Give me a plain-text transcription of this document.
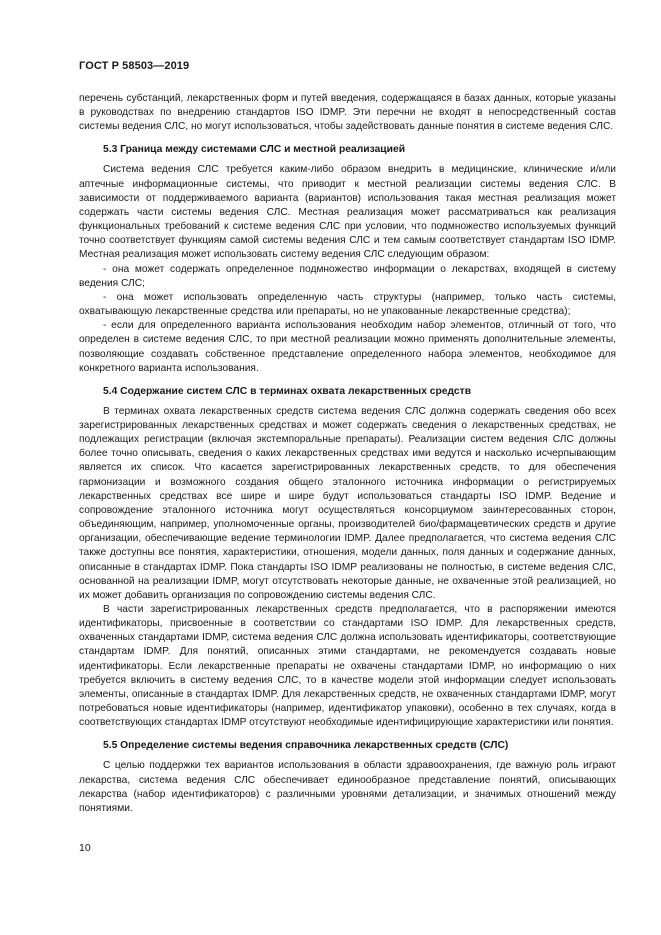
ГОСТ Р 58503—2019

перечень субстанций, лекарственных форм и путей введения, содержащаяся в базах данных, которые указаны в руководствах по внедрению стандартов ISO IDMP. Эти перечни не входят в непосредственный состав системы ведения СЛС, но могут использоваться, чтобы задействовать данные понятия в системе ведения СЛС.

5.3 Граница между системами СЛС и местной реализацией

Система ведения СЛС требуется каким-либо образом внедрить в медицинские, клинические и/или аптечные информационные системы, что приводит к местной реализации системы ведения СЛС. В зависимости от поддерживаемого варианта (вариантов) использования такая местная реализация может содержать части системы ведения СЛС. Местная реализация может рассматриваться как реализация функциональных требований к системе ведения СЛС при условии, что подмножество используемых функций точно соответствует функциям самой системы ведения СЛС и тем самым соответствует стандартам ISO IDMP. Местная реализация может использовать систему ведения СЛС следующим образом:

- она может содержать определенное подмножество информации о лекарствах, входящей в систему ведения СЛС;

- она может использовать определенную часть структуры (например, только часть системы, охватывающую лекарственные средства или препараты, но не упакованные лекарственные средства);

- если для определенного варианта использования необходим набор элементов, отличный от того, что определен в системе ведения СЛС, то при местной реализации можно применять дополнительные элементы, позволяющие создавать собственное представление определенного набора элементов, необходимое для конкретного варианта использования.

5.4 Содержание систем СЛС в терминах охвата лекарственных средств

В терминах охвата лекарственных средств система ведения СЛС должна содержать сведения обо всех зарегистрированных лекарственных средствах и может содержать сведения о лекарственных средствах, не подлежащих регистрации (включая экстемпоральные препараты). Реализации систем ведения СЛС должны более точно описывать, сведения о каких лекарственных средствах ими ведутся и насколько исчерпывающим является их список. Что касается зарегистрированных лекарственных средств, то для обеспечения гармонизации и возможного создания общего эталонного источника информации о регистрируемых лекарственных средствах все шире и шире будут использоваться стандарты ISO IDMP. Ведение и сопровождение эталонного источника могут осуществляться консорциумом заинтересованных сторон, объединяющим, например, уполномоченные органы, производителей био/фармацевтических средств и другие организации, обеспечивающие ведение терминологии IDMP. Далее предполагается, что система ведения СЛС также доступны все понятия, характеристики, отношения, модели данных, поля данных и содержание данных, описанные в стандартах IDMP. Пока стандарты ISO IDMP реализованы не полностью, в системе ведения СЛС, основанной на реализации IDMP, могут отсутствовать некоторые данные, не охваченные этой реализацией, но их может добавить организация по сопровождению системы ведения СЛС.

В части зарегистрированных лекарственных средств предполагается, что в распоряжении имеются идентификаторы, присвоенные в соответствии со стандартами ISO IDMP. Для лекарственных средств, охваченных стандартами IDMP, система ведения СЛС должна использовать идентификаторы, соответствующие стандартам IDMP. Для понятий, описанных этими стандартами, не рекомендуется создавать новые идентификаторы. Если лекарственные препараты не охвачены стандартами IDMP, но информацию о них требуется включить в систему ведения СЛС, то в качестве модели этой информации следует использовать элементы, описанные в стандартах IDMP. Для лекарственных средств, не охваченных стандартами IDMP, могут потребоваться новые идентификаторы (например, идентификатор упаковки), особенно в тех случаях, когда в соответствующих стандартах IDMP отсутствуют необходимые идентифицирующие характеристики или понятия.

5.5 Определение системы ведения справочника лекарственных средств (СЛС)

С целью поддержки тех вариантов использования в области здравоохранения, где важную роль играют лекарства, система ведения СЛС обеспечивает единообразное представление понятий, описывающих лекарства (набор идентификаторов) с различными уровнями детализации, и значимых отношений между понятиями.

10
